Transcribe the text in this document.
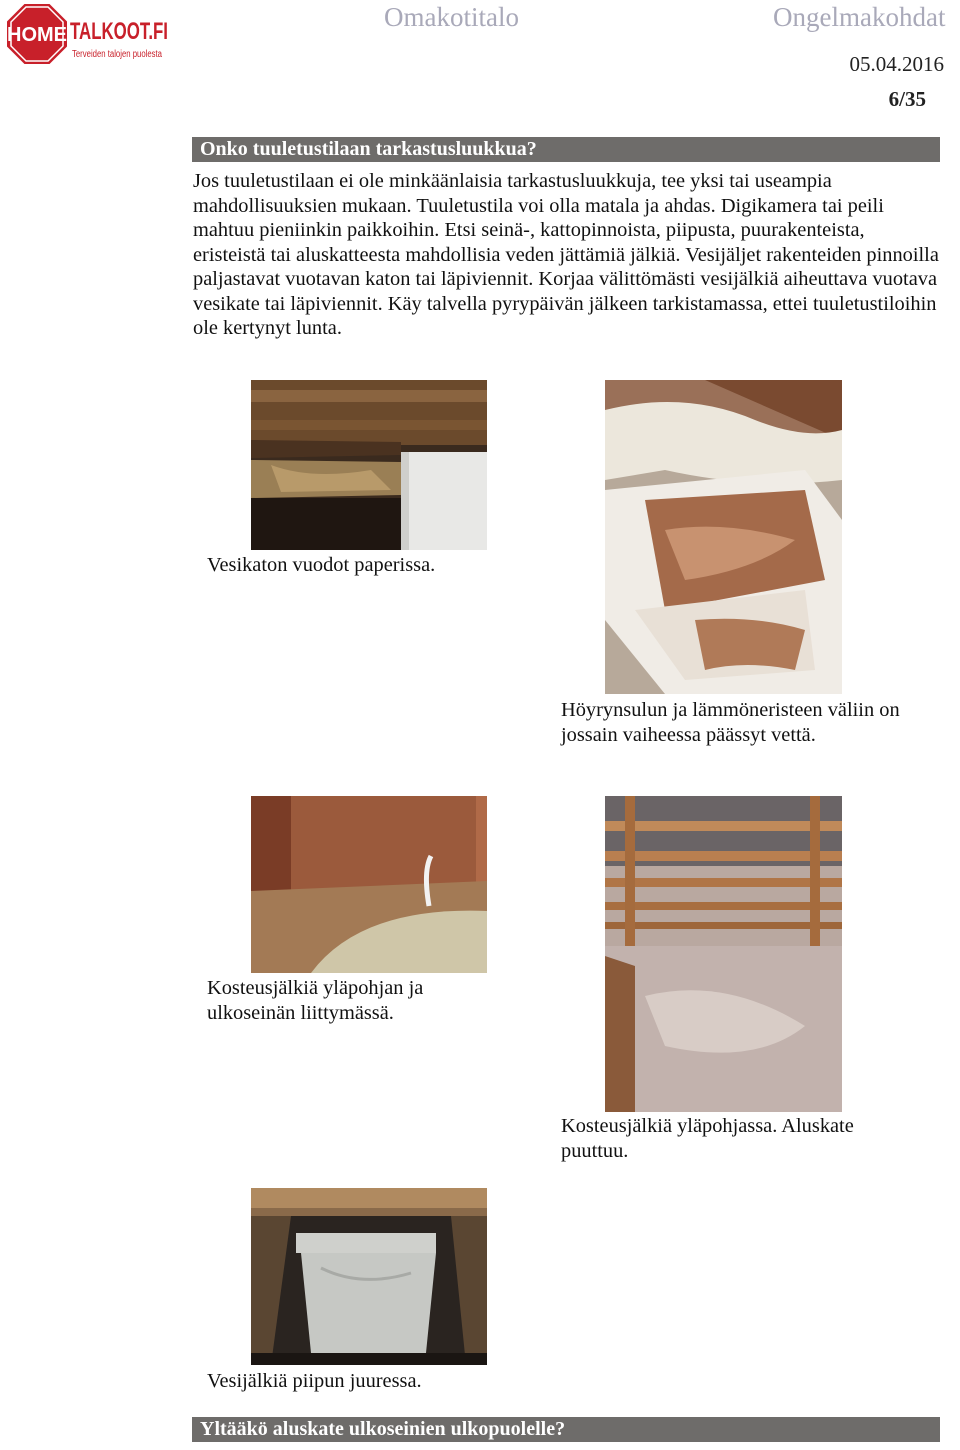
HOME TALKOOT.FI
Terveiden talojen puolesta
Omakotitalo	Ongelmakohdat
05.04.2016
6/35
Onko tuuletustilaan tarkastusluukkua?
Jos tuuletustilaan ei ole minkäänlaisia tarkastusluukkuja, tee yksi tai useampia mahdollisuuksien mukaan. Tuuletustila voi olla matala ja ahdas. Digikamera tai peili mahtuu pieniinkin paikkoihin. Etsi seinä-, kattopinnoista, piipusta, puurakenteista, eristeistä tai aluskatteesta mahdollisia veden jättämiä jälkiä. Vesijäljet rakenteiden pinnoilla paljastavat vuotavan katon tai läpiviennit. Korjaa välittömästi vesijälkiä aiheuttava vuotava vesikate tai läpiviennit. Käy talvella pyrypäivän jälkeen tarkistamassa, ettei tuuletustiloihin ole kertynyt lunta.
Vesikaton vuodot paperissa.
Höyrynsulun ja lämmöneristeen väliin on jossain vaiheessa päässyt vettä.
Kosteusjälkiä yläpohjan ja ulkoseinän liittymässä.
Kosteusjälkiä yläpohjassa. Aluskate puuttuu.
Vesijälkiä piipun juuressa.
Yltääkö aluskate ulkoseinien ulkopuolelle?
